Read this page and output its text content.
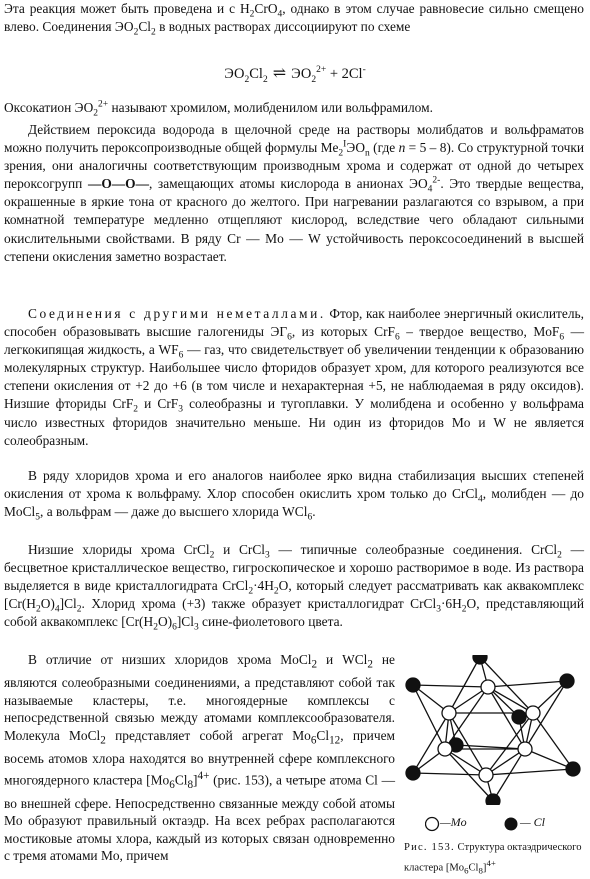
Эта реакция может быть проведена и с $H_2CrO_4$, однако в этом случае равновесие сильно смещено влево. Соединения $ЭО_2Cl_2$ в водных растворах диссоциируют по схеме

$ЭО_2Cl_2$ ⇌ $ЭО_2^{2+} + 2Cl^-$

Оксокатион $ЭО_2^{2+}$ называют хромилом, молибденилом или вольфрамилом.

Действием пероксида водорода в щелочной среде на растворы молибдатов и вольфраматов можно получить пероксопроизводные общей формулы $Me_2^IЭО_n$ (где n = 5 – 8). Со структурной точки зрения, они аналогичны соответствующим производным хрома и содержат от одной до четырех пероксогрупп —O—O—, замещающих атомы кислорода в анионах $ЭО_4^{2-}$. Это твердые вещества, окрашенные в яркие тона от красного до желтого. При нагревании разлагаются со взрывом, а при комнатной температуре медленно отщепляют кислород, вследствие чего обладают сильными окислительными свойствами. В ряду Cr — Mo — W устойчивость пероксосоединений в высшей степени окисления заметно возрастает.

Соединения с другими неметаллами. Фтор, как наиболее энергичный окислитель, способен образовывать высшие галогениды $ЭГ_6$, из которых CrF$_6$ – твердое вещество, MoF$_6$ — легкокипящая жидкость, а $WF_6$ — газ, что свидетельствует об увеличении тенденции к образованию молекулярных структур. Наибольшее число фторидов образует хром, для которого реализуются все степени окисления от +2 до +6 (в том числе и нехарактерная +5, не наблюдаемая в ряду оксидов). Низшие фториды CrF$_2$ и CrF$_3$ солеобразны и тугоплавки. У молибдена и особенно у вольфрама число известных фторидов значительно меньше. Ни один из фторидов Mo и W не является солеобразным.

В ряду хлоридов хрома и его аналогов наиболее ярко видна стабилизация высших степеней окисления от хрома к вольфраму. Хлор способен окислить хром только до CrCl$_4$, молибден — до MoCl$_5$, а вольфрам — даже до высшего хлорида WCl$_6$.

Низшие хлориды хрома CrCl$_2$ и CrCl$_3$ — типичные солеобразные соединения. CrCl$_2$ — бесцветное кристаллическое вещество, гигроскопическое и хорошо растворимое в воде. Из раствора выделяется в виде кристаллогидрата $CrCl_2\cdot 4H_2O$, который следует рассматривать как аквакомплекс $[Cr(H_2O)_4]Cl_2$. Хлорид хрома (+3) также образует кристаллогидрат $CrCl_3\cdot 6H_2O$, представляющий собой аквакомплекс $[Cr(H_2O)_6]Cl_3$ сине-фиолетового цвета.

В отличие от низших хлоридов хрома MoCl$_2$ и WCl$_2$ не являются солеобразными соединениями, а представляют собой так называемые кластеры, т.е. многоядерные комплексы с непосредственной связью между атомами комплексообразователя. Молекула MoCl$_2$ представляет собой агрегат $Mo_6Cl_{12}$, причем восемь атомов хлора находятся во внутренней сфере комплексного многоядерного кластера $[Mo_6Cl_8]^{4+}$ (рис. 153), а четыре атома Cl — во внешней сфере. Непосредственно связанные между собой атомы Mo образуют правильный октаэдр. На всех ребрах располагаются мостиковые атомы хлора, каждый из которых связан одновременно с тремя атомами Mo, причем

—Mo	— Cl

Рис. 153. Структура октаэдрического кластера $[Mo_6Cl_8]^{4+}$
